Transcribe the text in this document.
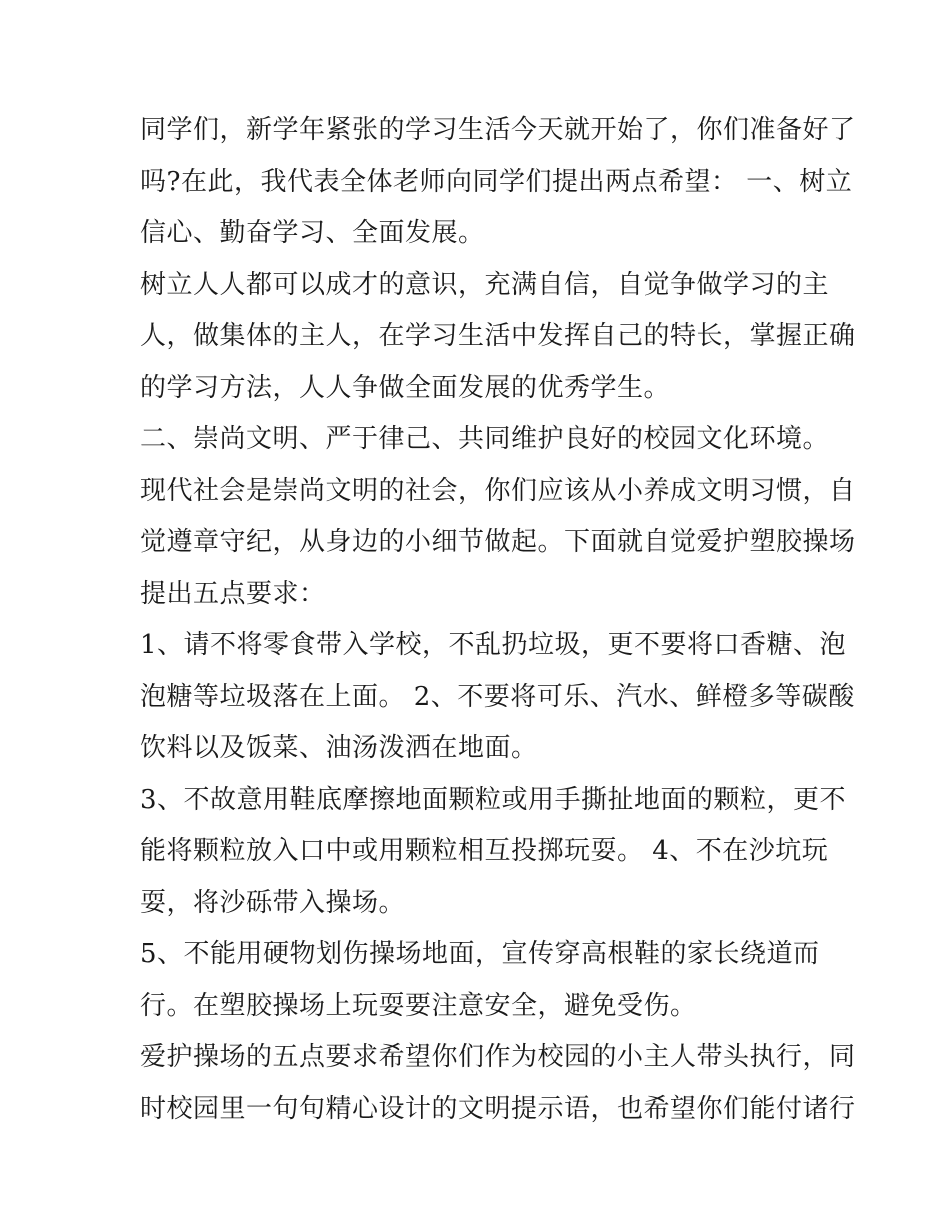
同学们，新学年紧张的学习生活今天就开始了，你们准备好了
吗?在此，我代表全体老师向同学们提出两点希望： 一、树立
信心、勤奋学习、全面发展。
树立人人都可以成才的意识，充满自信，自觉争做学习的主
人，做集体的主人，在学习生活中发挥自己的特长，掌握正确
的学习方法，人人争做全面发展的优秀学生。
二、崇尚文明、严于律己、共同维护良好的校园文化环境。
现代社会是崇尚文明的社会，你们应该从小养成文明习惯，自
觉遵章守纪，从身边的小细节做起。下面就自觉爱护塑胶操场
提出五点要求：
1、请不将零食带入学校，不乱扔垃圾，更不要将口香糖、泡
泡糖等垃圾落在上面。 2、不要将可乐、汽水、鲜橙多等碳酸
饮料以及饭菜、油汤泼洒在地面。
3、不故意用鞋底摩擦地面颗粒或用手撕扯地面的颗粒，更不
能将颗粒放入口中或用颗粒相互投掷玩耍。 4、不在沙坑玩
耍，将沙砾带入操场。
5、不能用硬物划伤操场地面，宣传穿高根鞋的家长绕道而
行。在塑胶操场上玩耍要注意安全，避免受伤。
爱护操场的五点要求希望你们作为校园的小主人带头执行，同
时校园里一句句精心设计的文明提示语，也希望你们能付诸行
